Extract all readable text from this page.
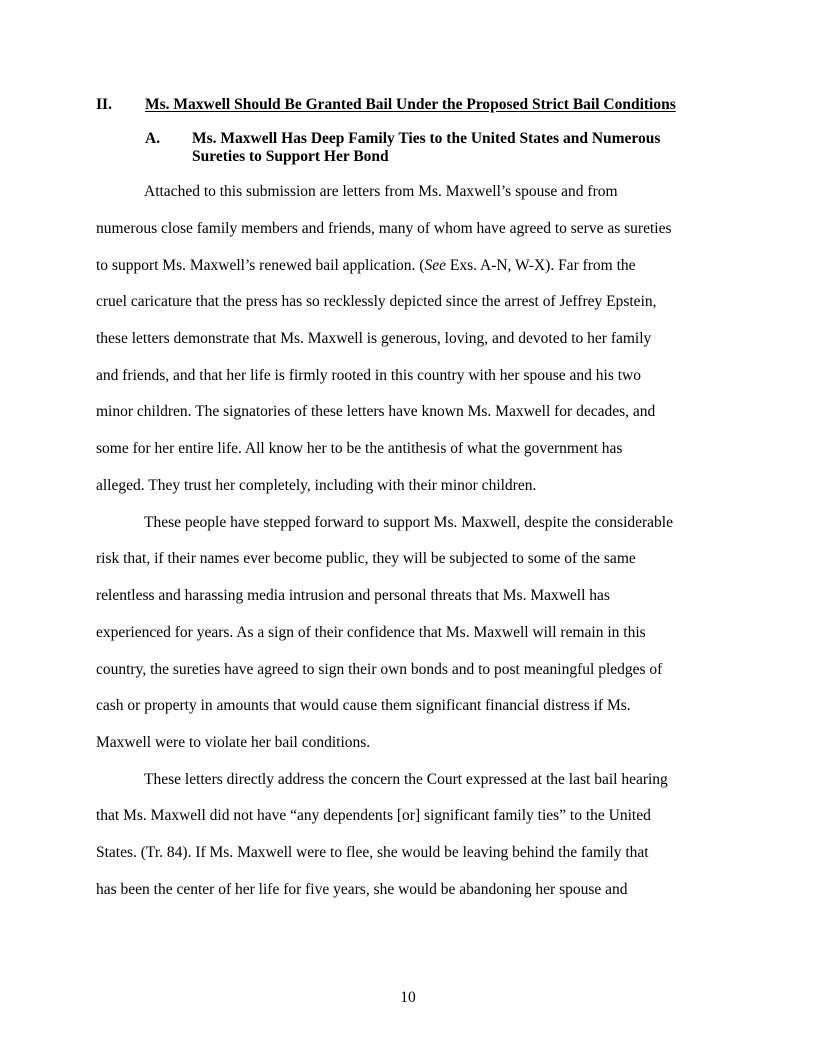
II. Ms. Maxwell Should Be Granted Bail Under the Proposed Strict Bail Conditions
A. Ms. Maxwell Has Deep Family Ties to the United States and Numerous
Sureties to Support Her Bond
Attached to this submission are letters from Ms. Maxwell’s spouse and from
numerous close family members and friends, many of whom have agreed to serve as sureties
to support Ms. Maxwell’s renewed bail application. (See Exs. A-N, W-X). Far from the
cruel caricature that the press has so recklessly depicted since the arrest of Jeffrey Epstein,
these letters demonstrate that Ms. Maxwell is generous, loving, and devoted to her family
and friends, and that her life is firmly rooted in this country with her spouse and his two
minor children. The signatories of these letters have known Ms. Maxwell for decades, and
some for her entire life. All know her to be the antithesis of what the government has
alleged. They trust her completely, including with their minor children.
These people have stepped forward to support Ms. Maxwell, despite the considerable
risk that, if their names ever become public, they will be subjected to some of the same
relentless and harassing media intrusion and personal threats that Ms. Maxwell has
experienced for years. As a sign of their confidence that Ms. Maxwell will remain in this
country, the sureties have agreed to sign their own bonds and to post meaningful pledges of
cash or property in amounts that would cause them significant financial distress if Ms.
Maxwell were to violate her bail conditions.
These letters directly address the concern the Court expressed at the last bail hearing
that Ms. Maxwell did not have “any dependents [or] significant family ties” to the United
States. (Tr. 84). If Ms. Maxwell were to flee, she would be leaving behind the family that
has been the center of her life for five years, she would be abandoning her spouse and
10
